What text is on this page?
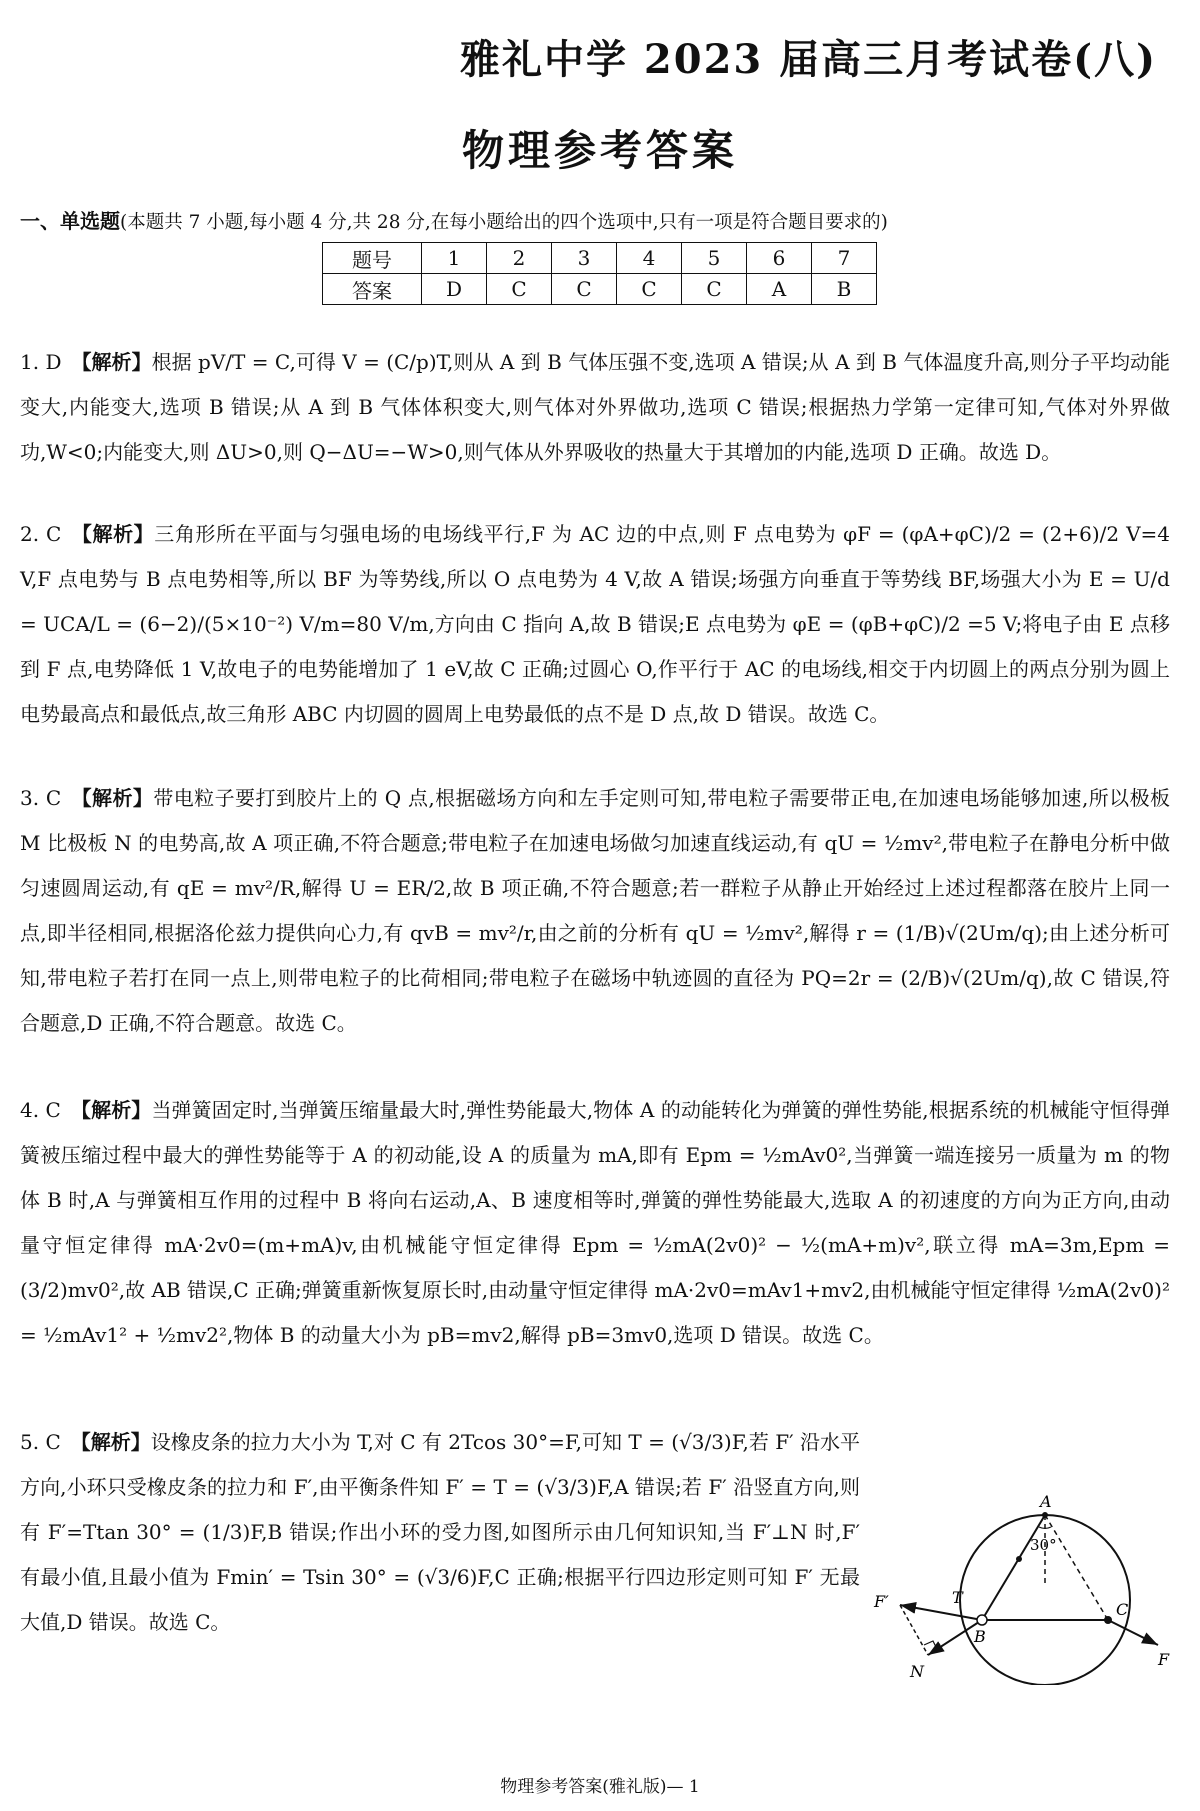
雅礼中学 2023 届高三月考试卷(八)
物理参考答案
一、单选题(本题共 7 小题,每小题 4 分,共 28 分,在每小题给出的四个选项中,只有一项是符合题目要求的)
题号	1	2	3	4	5	6	7
答案	D	C	C	C	C	A	B
1. D 【解析】根据 pV/T = C,可得 V = (C/p)T,则从 A 到 B 气体压强不变,选项 A 错误;从 A 到 B 气体温度升高,则分子平均动能变大,内能变大,选项 B 错误;从 A 到 B 气体体积变大,则气体对外界做功,选项 C 错误;根据热力学第一定律可知,气体对外界做功,W<0;内能变大,则 ΔU>0,则 Q−ΔU=−W>0,则气体从外界吸收的热量大于其增加的内能,选项 D 正确。故选 D。
2. C 【解析】三角形所在平面与匀强电场的电场线平行,F 为 AC 边的中点,则 F 点电势为 φF = (φA+φC)/2 = (2+6)/2 V=4 V,F 点电势与 B 点电势相等,所以 BF 为等势线,所以 O 点电势为 4 V,故 A 错误;场强方向垂直于等势线 BF,场强大小为 E = U/d = UCA/L = (6−2)/(5×10⁻²) V/m=80 V/m,方向由 C 指向 A,故 B 错误;E 点电势为 φE = (φB+φC)/2 =5 V;将电子由 E 点移到 F 点,电势降低 1 V,故电子的电势能增加了 1 eV,故 C 正确;过圆心 O,作平行于 AC 的电场线,相交于内切圆上的两点分别为圆上电势最高点和最低点,故三角形 ABC 内切圆的圆周上电势最低的点不是 D 点,故 D 错误。故选 C。
3. C 【解析】带电粒子要打到胶片上的 Q 点,根据磁场方向和左手定则可知,带电粒子需要带正电,在加速电场能够加速,所以极板 M 比极板 N 的电势高,故 A 项正确,不符合题意;带电粒子在加速电场做匀加速直线运动,有 qU = ½mv²,带电粒子在静电分析中做匀速圆周运动,有 qE = mv²/R,解得 U = ER/2,故 B 项正确,不符合题意;若一群粒子从静止开始经过上述过程都落在胶片上同一点,即半径相同,根据洛伦兹力提供向心力,有 qvB = mv²/r,由之前的分析有 qU = ½mv²,解得 r = (1/B)√(2Um/q);由上述分析可知,带电粒子若打在同一点上,则带电粒子的比荷相同;带电粒子在磁场中轨迹圆的直径为 PQ=2r = (2/B)√(2Um/q),故 C 错误,符合题意,D 正确,不符合题意。故选 C。
4. C 【解析】当弹簧固定时,当弹簧压缩量最大时,弹性势能最大,物体 A 的动能转化为弹簧的弹性势能,根据系统的机械能守恒得弹簧被压缩过程中最大的弹性势能等于 A 的初动能,设 A 的质量为 mA,即有 Epm = ½mAv0²,当弹簧一端连接另一质量为 m 的物体 B 时,A 与弹簧相互作用的过程中 B 将向右运动,A、B 速度相等时,弹簧的弹性势能最大,选取 A 的初速度的方向为正方向,由动量守恒定律得 mA·2v0=(m+mA)v,由机械能守恒定律得 Epm = ½mA(2v0)² − ½(mA+m)v²,联立得 mA=3m,Epm = (3/2)mv0²,故 AB 错误,C 正确;弹簧重新恢复原长时,由动量守恒定律得 mA·2v0=mAv1+mv2,由机械能守恒定律得 ½mA(2v0)² = ½mAv1² + ½mv2²,物体 B 的动量大小为 pB=mv2,解得 pB=3mv0,选项 D 错误。故选 C。
5. C 【解析】设橡皮条的拉力大小为 T,对 C 有 2Tcos 30°=F,可知 T = (√3/3)F,若 F′ 沿水平方向,小环只受橡皮条的拉力和 F′,由平衡条件知 F′ = T = (√3/3)F,A 错误;若 F′ 沿竖直方向,则有 F′=Ttan 30° = (1/3)F,B 错误;作出小环的受力图,如图所示由几何知识知,当 F′⊥N 时,F′ 有最小值,且最小值为 Fmin′ = Tsin 30° = (√3/6)F,C 正确;根据平行四边形定则可知 F′ 无最大值,D 错误。故选 C。
A
B
C
T
F
F′
N
30°
物理参考答案(雅礼版)— 1
